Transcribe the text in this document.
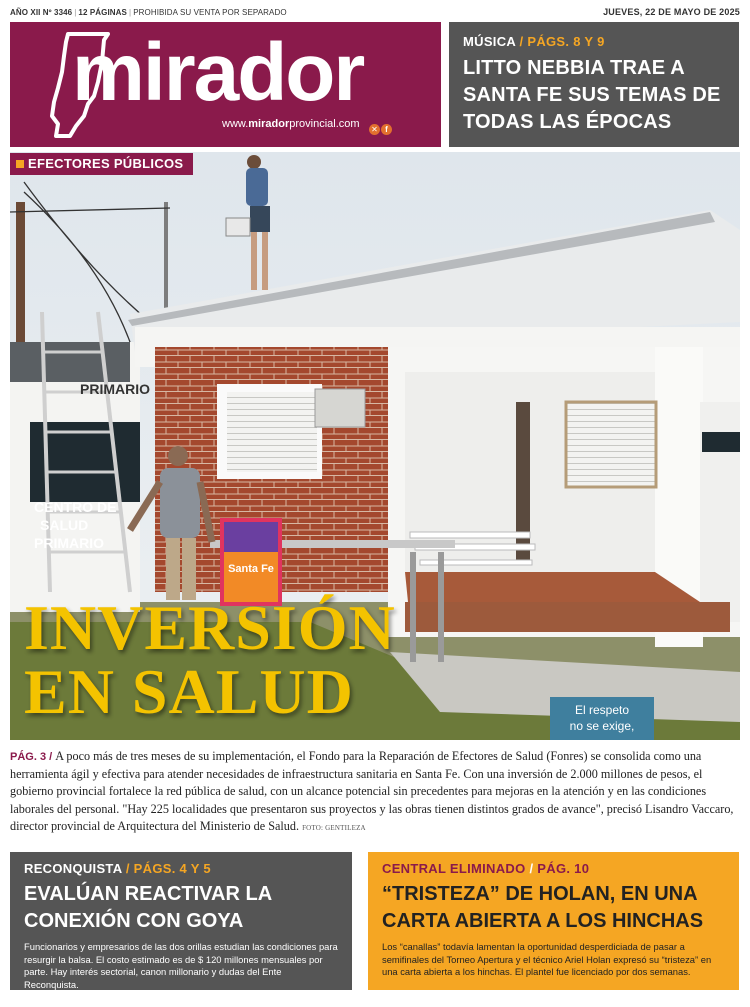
AÑO XII Nº 3346 | 12 PÁGINAS | PROHIBIDA SU VENTA POR SEPARADO	JUEVES, 22 DE MAYO DE 2025
mirador
www.miradorprovincial.com ✕ f
MÚSICA / PÁGS. 8 Y 9
LITTO NEBBIA TRAE A SANTA FE SUS TEMAS DE TODAS LAS ÉPOCAS
Santa Fe
CENTRO DE
SALUD
PRIMARIO
PRIMARIO
El respeto
no se exige,
EFECTORES PÚBLICOS
INVERSIÓN
EN SALUD
PÁG. 3 / A poco más de tres meses de su implementación, el Fondo para la Reparación de Efectores de Salud (Fonres) se consolida como una herramienta ágil y efectiva para atender necesidades de infraestructura sanitaria en Santa Fe. Con una inversión de 2.000 millones de pesos, el gobierno provincial fortalece la red pública de salud, con un alcance potencial sin precedentes para mejoras en la atención y en las condiciones laborales del personal. "Hay 225 localidades que presentaron sus proyectos y las obras tienen distintos grados de avance", precisó Lisandro Vaccaro, director provincial de Arquitectura del Ministerio de Salud. FOTO: GENTILEZA
RECONQUISTA / PÁGS. 4 Y 5
EVALÚAN REACTIVAR LA CONEXIÓN CON GOYA
Funcionarios y empresarios de las dos orillas estudian las condiciones para resurgir la balsa. El costo estimado es de $ 120 millones mensuales por parte. Hay interés sectorial, canon millonario y dudas del Ente Reconquista.
CENTRAL ELIMINADO / PÁG. 10
“TRISTEZA” DE HOLAN, EN UNA CARTA ABIERTA A LOS HINCHAS
Los “canallas” todavía lamentan la oportunidad desperdiciada de pasar a semifinales del Torneo Apertura y el técnico Ariel Holan expresó su “tristeza” en una carta abierta a los hinchas. El plantel fue licenciado por dos semanas.
